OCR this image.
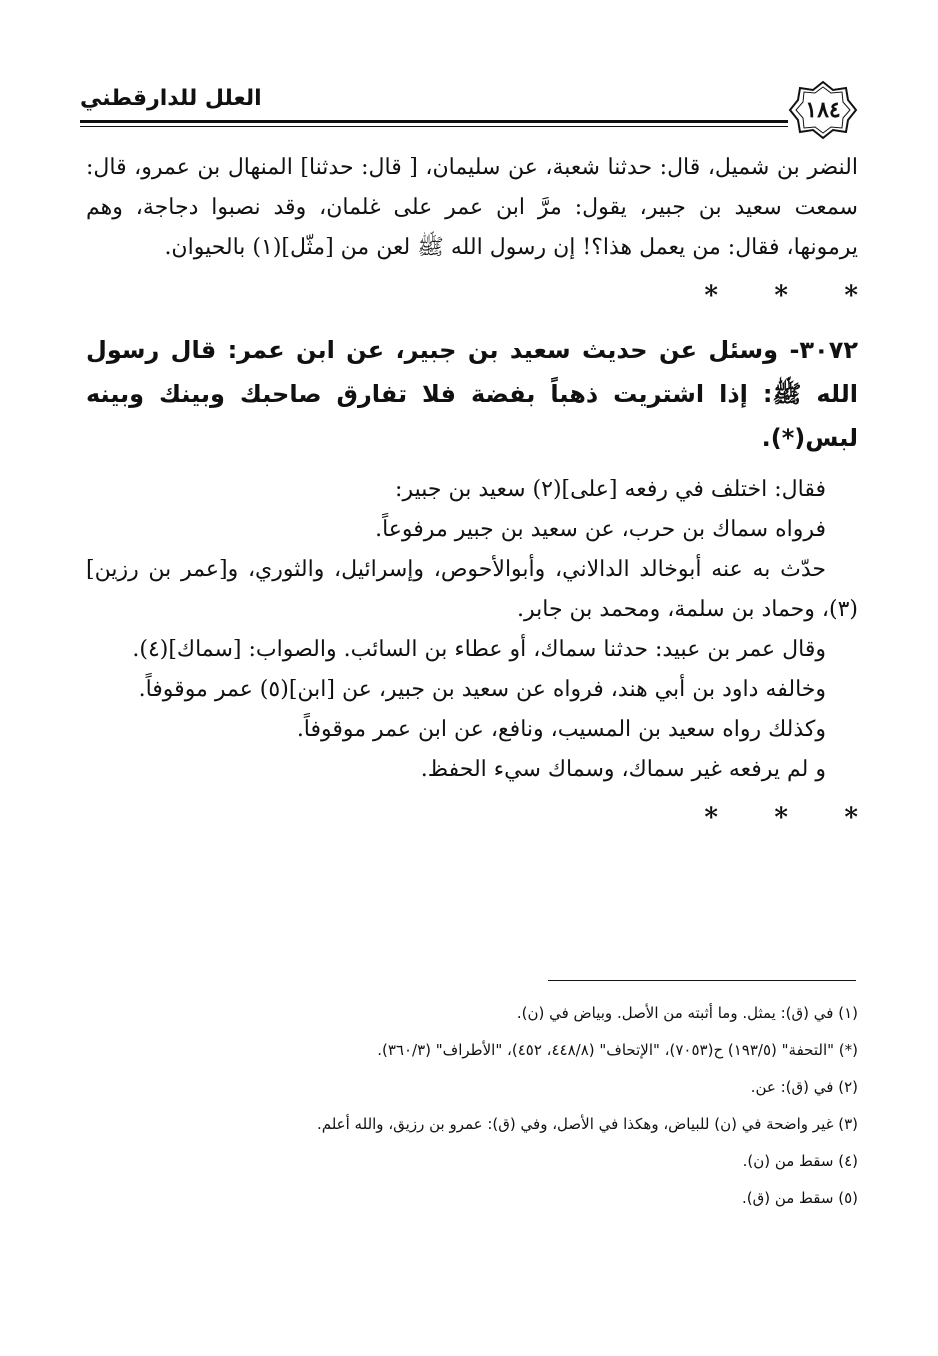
١٨٤
العلل للدارقطني

النضر بن شميل، قال: حدثنا شعبة، عن سليمان، [ قال: حدثنا] المنهال بن عمرو، قال: سمعت سعيد بن جبير، يقول: مرَّ ابن عمر على غلمان، وقد نصبوا دجاجة، وهم يرمونها، فقال: من يعمل هذا؟! إن رسول الله ﷺ لعن من [مثّل](١) بالحيوان.

* * *

٣٠٧٢- وسئل عن حديث سعيد بن جبير، عن ابن عمر: قال رسول الله ﷺ: إذا اشتريت ذهباً بفضة فلا تفارق صاحبك وبينك وبينه لبس(*).

فقال: اختلف في رفعه [على](٢) سعيد بن جبير:

فرواه سماك بن حرب، عن سعيد بن جبير مرفوعاً.

حدّث به عنه أبوخالد الدالاني، وأبوالأحوص، وإسرائيل، والثوري، و[عمر بن رزين](٣)، وحماد بن سلمة، ومحمد بن جابر.

وقال عمر بن عبيد: حدثنا سماك، أو عطاء بن السائب. والصواب: [سماك](٤).

وخالفه داود بن أبي هند، فرواه عن سعيد بن جبير، عن [ابن](٥) عمر موقوفاً.

وكذلك رواه سعيد بن المسيب، ونافع، عن ابن عمر موقوفاً.

و لم يرفعه غير سماك، وسماك سيء الحفظ.

* * *
(١) في (ق): يمثل. وما أثبته من الأصل. وبياض في (ن).
(*) "التحفة" (١٩٣/٥) ح(٧٠٥٣)، "الإتحاف" (٤٤٨/٨، ٤٥٢)، "الأطراف" (٣٦٠/٣).
(٢) في (ق): عن.
(٣) غير واضحة في (ن) للبياض، وهكذا في الأصل، وفي (ق): عمرو بن رزيق، والله أعلم.
(٤) سقط من (ن).
(٥) سقط من (ق).
